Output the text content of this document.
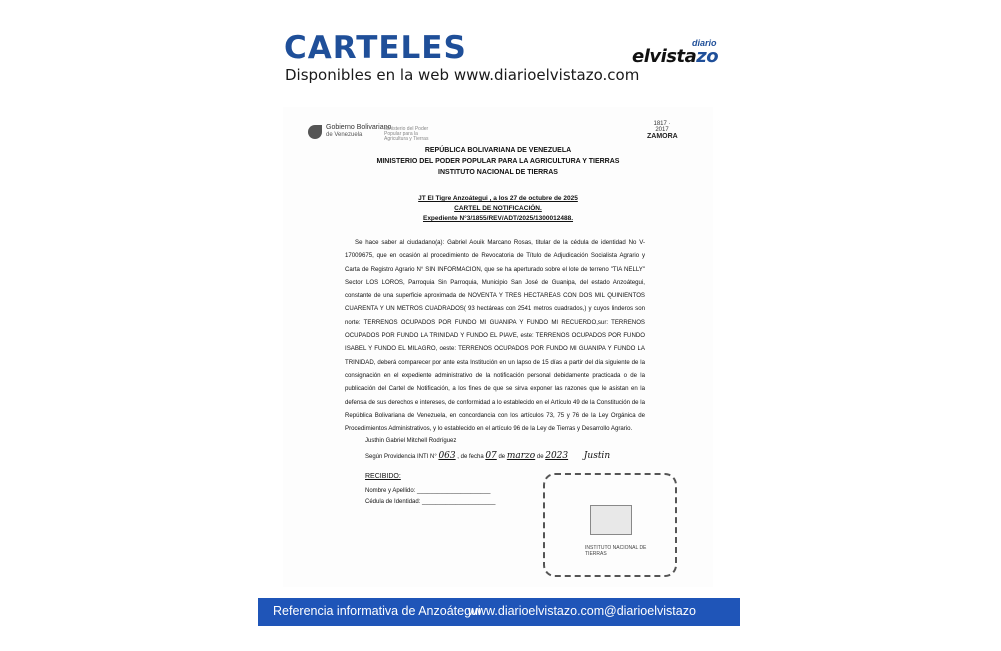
CARTELES
Disponibles en la web www.diarioelvistazo.com
diario
elvistazo
Gobierno Bolivariano
de Venezuela
Ministerio del Poder Popular para la Agricultura y Tierras
1817 · 2017
ZAMORA
REPÚBLICA BOLIVARIANA DE VENEZUELA
MINISTERIO DEL PODER POPULAR PARA LA AGRICULTURA Y TIERRAS
INSTITUTO NACIONAL DE TIERRAS
JT El Tigre Anzoátegui , a los 27 de octubre de 2025
CARTEL DE NOTIFICACIÓN.
Expediente N°3/1855/REV/ADT/2025/1300012488.
Se hace saber al ciudadano(a): Gabriel Aouik Marcano Rosas, titular de la cédula de identidad No V- 17009675, que en ocasión al procedimiento de Revocatoria de Título de Adjudicación Socialista Agrario y Carta de Registro Agrario N° SIN INFORMACION, que se ha aperturado sobre el lote de terreno "TIA NELLY" Sector LOS LOROS, Parroquia Sin Parroquia, Municipio San José de Guanipa, del estado Anzoátegui, constante de una superficie aproximada de NOVENTA Y TRES HECTAREAS CON DOS MIL QUINIENTOS CUARENTA Y UN METROS CUADRADOS( 93 hectáreas con 2541 metros cuadrados,) y cuyos linderos son norte: TERRENOS OCUPADOS POR FUNDO MI GUANIPA Y FUNDO MI RECUERDO,sur: TERRENOS OCUPADOS POR FUNDO LA TRINIDAD Y FUNDO EL PIAVE, este: TERRENOS OCUPADOS POR FUNDO ISABEL Y FUNDO EL MILAGRO, oeste: TERRENOS OCUPADOS POR FUNDO MI GUANIPA Y FUNDO LA TRINIDAD, deberá comparecer por ante esta Institución en un lapso de 15 días a partir del día siguiente de la consignación en el expediente administrativo de la notificación personal debidamente practicada o de la publicación del Cartel de Notificación, a los fines de que se sirva exponer las razones que le asistan en la defensa de sus derechos e intereses, de conformidad a lo establecido en el Artículo 49 de la Constitución de la República Bolivariana de Venezuela, en concordancia con los artículos 73, 75 y 76 de la Ley Orgánica de Procedimientos Administrativos, y lo establecido en el artículo 96 de la Ley de Tierras y Desarrollo Agrario.
Justhin Gabriel Mitchell Rodríguez
Según Providencia INTI N° 063 , de fecha 07 de marzo de 2023 Justin
RECIBIDO:
Nombre y Apellido: ______________________
Cédula de Identidad: ______________________
INSTITUTO NACIONAL DE TIERRAS
Referencia informativa de Anzoátegui
www.diarioelvistazo.com @diarioelvistazo
